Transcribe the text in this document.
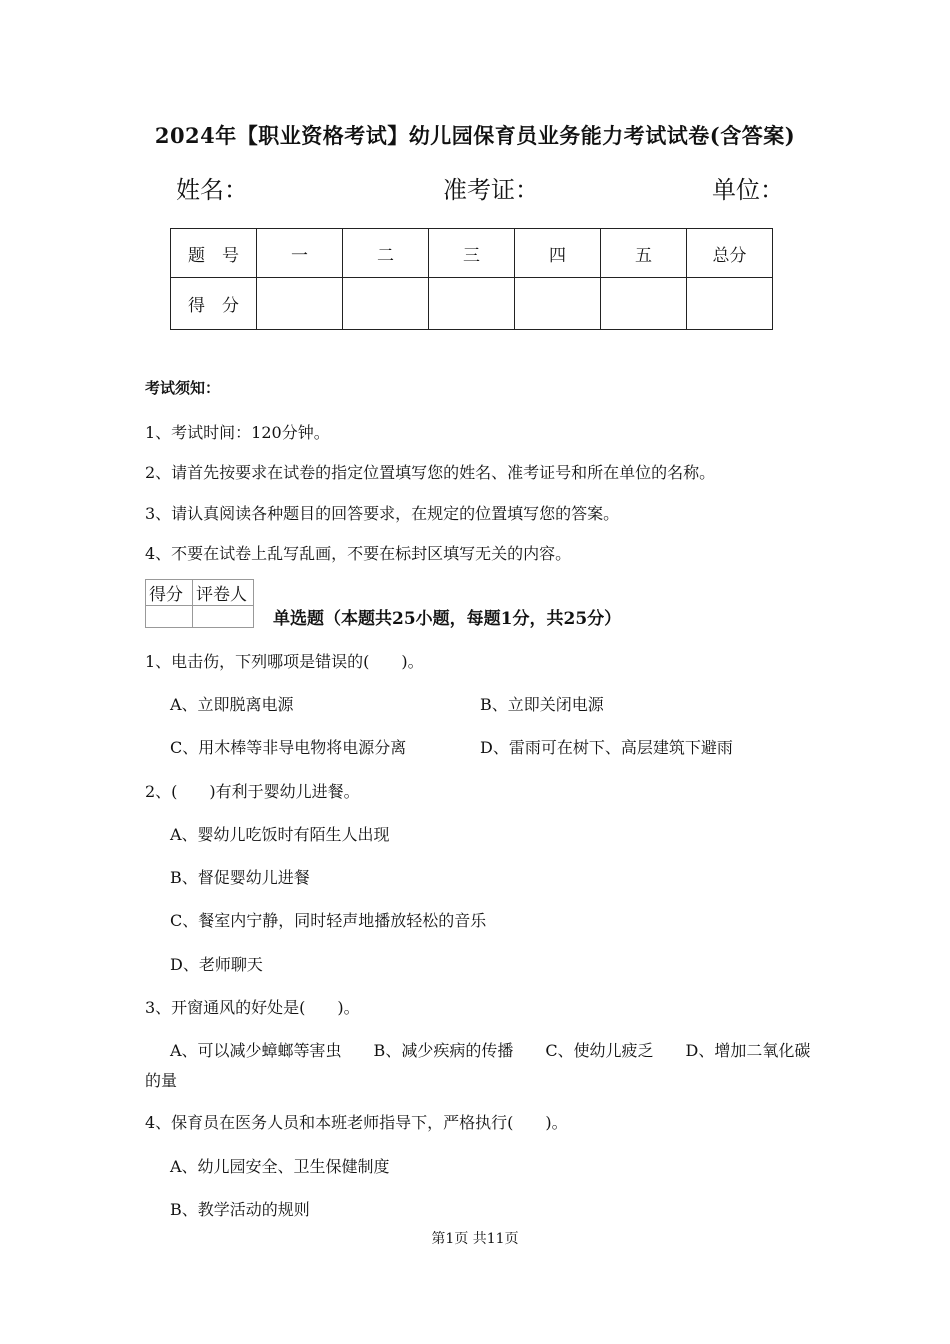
2024年【职业资格考试】幼儿园保育员业务能力考试试卷(含答案)
姓名：	准考证：	单位：
题　号	一	二	三	四	五	总分
得　分						
考试须知：
1、考试时间：120分钟。
2、请首先按要求在试卷的指定位置填写您的姓名、准考证号和所在单位的名称。
3、请认真阅读各种题目的回答要求，在规定的位置填写您的答案。
4、不要在试卷上乱写乱画，不要在标封区填写无关的内容。
得分	评卷人

单选题（本题共25小题，每题1分，共25分）
1、电击伤，下列哪项是错误的(　　)。
A、立即脱离电源	B、立即关闭电源
C、用木棒等非导电物将电源分离	D、雷雨可在树下、高层建筑下避雨
2、(　　)有利于婴幼儿进餐。
A、婴幼儿吃饭时有陌生人出现
B、督促婴幼儿进餐
C、餐室内宁静，同时轻声地播放轻松的音乐
D、老师聊天
3、开窗通风的好处是(　　)。
A、可以减少蟑螂等害虫　　B、减少疾病的传播　　C、使幼儿疲乏　　D、增加二氧化碳
的量
4、保育员在医务人员和本班老师指导下，严格执行(　　)。
A、幼儿园安全、卫生保健制度
B、教学活动的规则
第1页 共11页
